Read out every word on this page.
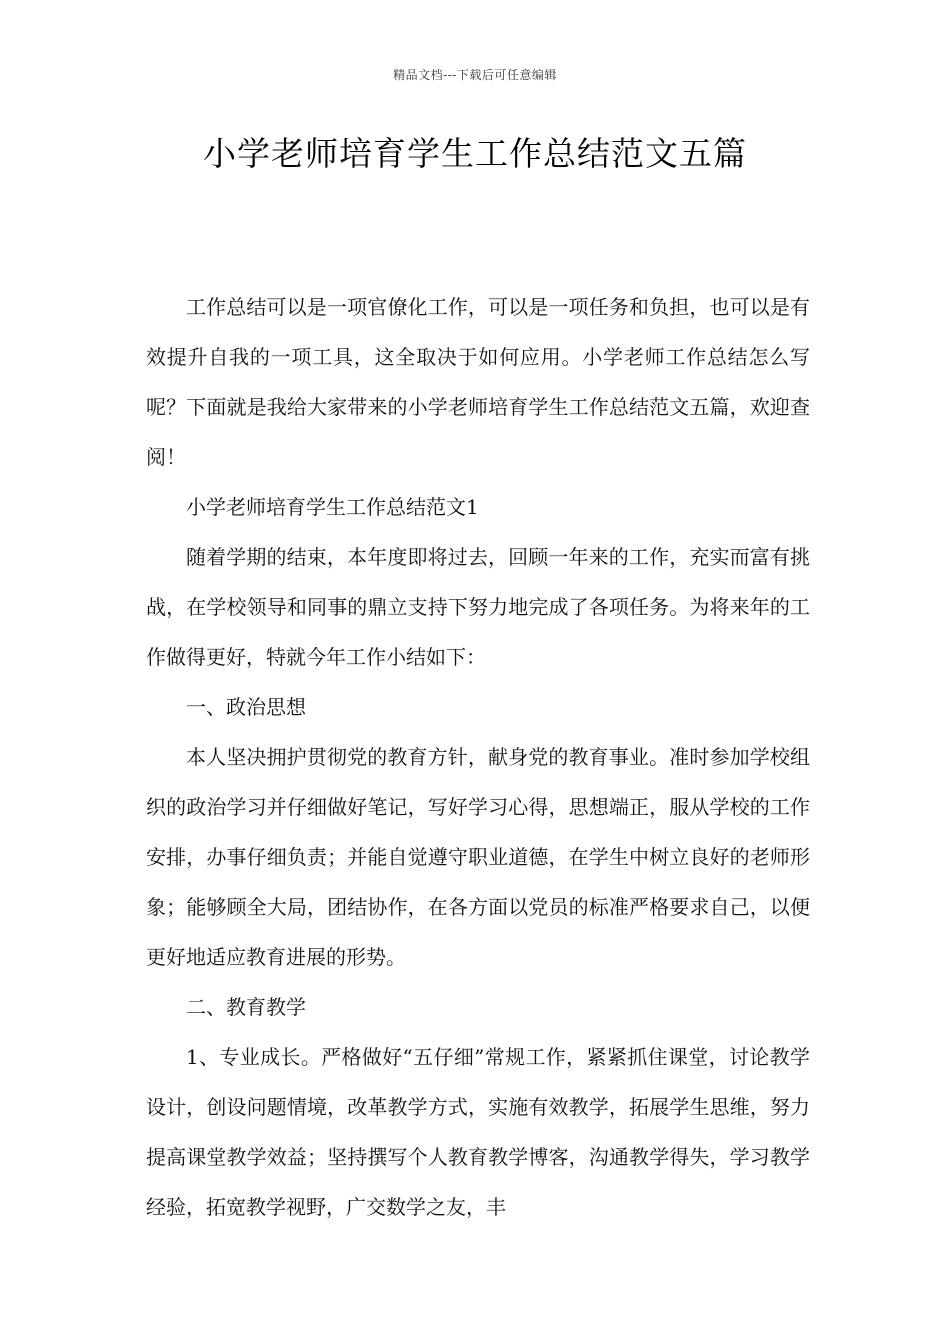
精品文档---下载后可任意编辑
小学老师培育学生工作总结范文五篇

工作总结可以是一项官僚化工作，可以是一项任务和负担，也可以是有效提升自我的一项工具，这全取决于如何应用。小学老师工作总结怎么写呢？下面就是我给大家带来的小学老师培育学生工作总结范文五篇，欢迎查阅！

小学老师培育学生工作总结范文1

随着学期的结束，本年度即将过去，回顾一年来的工作，充实而富有挑战，在学校领导和同事的鼎立支持下努力地完成了各项任务。为将来年的工作做得更好，特就今年工作小结如下：

一、政治思想

本人坚决拥护贯彻党的教育方针，献身党的教育事业。准时参加学校组织的政治学习并仔细做好笔记，写好学习心得，思想端正，服从学校的工作安排，办事仔细负责；并能自觉遵守职业道德，在学生中树立良好的老师形象；能够顾全大局，团结协作，在各方面以党员的标准严格要求自己，以便更好地适应教育进展的形势。

二、教育教学

1、专业成长。严格做好“五仔细”常规工作，紧紧抓住课堂，讨论教学设计，创设问题情境，改革教学方式，实施有效教学，拓展学生思维，努力提高课堂教学效益；坚持撰写个人教育教学博客，沟通教学得失，学习教学经验，拓宽教学视野，广交数学之友，丰
